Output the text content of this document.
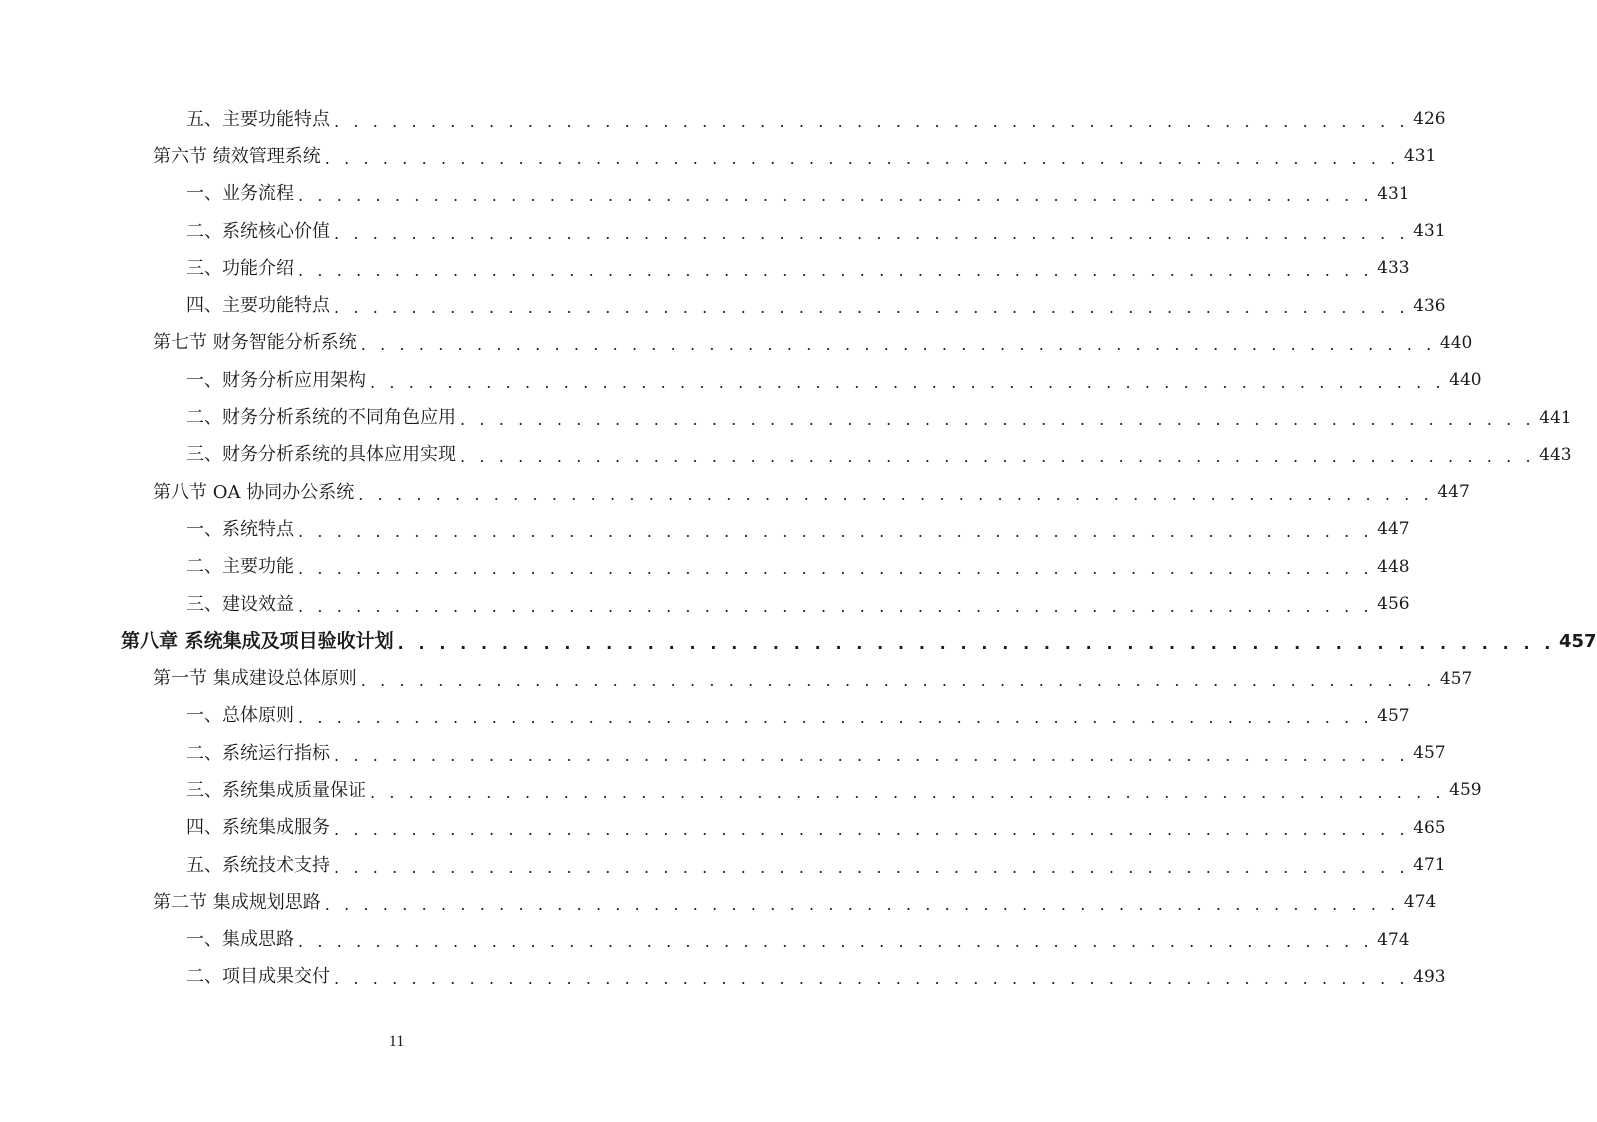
五、主要功能特点 . . . . . . . . . . . . . . . . . . . . . . . . . . . . . . . . . . . . . . . . . . . . . . . . . . . . . . . . 426
第六节 绩效管理系统 . . . . . . . . . . . . . . . . . . . . . . . . . . . . . . . . . . . . . . . . . . . . . . . . . . . . . . . . 431
一、业务流程 . . . . . . . . . . . . . . . . . . . . . . . . . . . . . . . . . . . . . . . . . . . . . . . . . . . . . . . . 431
二、系统核心价值 . . . . . . . . . . . . . . . . . . . . . . . . . . . . . . . . . . . . . . . . . . . . . . . . . . . . . . . . 431
三、功能介绍 . . . . . . . . . . . . . . . . . . . . . . . . . . . . . . . . . . . . . . . . . . . . . . . . . . . . . . . . 433
四、主要功能特点 . . . . . . . . . . . . . . . . . . . . . . . . . . . . . . . . . . . . . . . . . . . . . . . . . . . . . . . . 436
第七节 财务智能分析系统 . . . . . . . . . . . . . . . . . . . . . . . . . . . . . . . . . . . . . . . . . . . . . . . . . . . . . . . . 440
一、财务分析应用架构 . . . . . . . . . . . . . . . . . . . . . . . . . . . . . . . . . . . . . . . . . . . . . . . . . . . . . . . . 440
二、财务分析系统的不同角色应用 . . . . . . . . . . . . . . . . . . . . . . . . . . . . . . . . . . . . . . . . . . . . . . . . . . . . . . . . 441
三、财务分析系统的具体应用实现 . . . . . . . . . . . . . . . . . . . . . . . . . . . . . . . . . . . . . . . . . . . . . . . . . . . . . . . . 443
第八节 OA 协同办公系统 . . . . . . . . . . . . . . . . . . . . . . . . . . . . . . . . . . . . . . . . . . . . . . . . . . . . . . . . 447
一、系统特点 . . . . . . . . . . . . . . . . . . . . . . . . . . . . . . . . . . . . . . . . . . . . . . . . . . . . . . . . 447
二、主要功能 . . . . . . . . . . . . . . . . . . . . . . . . . . . . . . . . . . . . . . . . . . . . . . . . . . . . . . . . 448
三、建设效益 . . . . . . . . . . . . . . . . . . . . . . . . . . . . . . . . . . . . . . . . . . . . . . . . . . . . . . . . 456
第八章 系统集成及项目验收计划 . . . . . . . . . . . . . . . . . . . . . . . . . . . . . . . . . . . . . . . . . . . . . . . . . . . . . . . . 457
第一节 集成建设总体原则 . . . . . . . . . . . . . . . . . . . . . . . . . . . . . . . . . . . . . . . . . . . . . . . . . . . . . . . . 457
一、总体原则 . . . . . . . . . . . . . . . . . . . . . . . . . . . . . . . . . . . . . . . . . . . . . . . . . . . . . . . . 457
二、系统运行指标 . . . . . . . . . . . . . . . . . . . . . . . . . . . . . . . . . . . . . . . . . . . . . . . . . . . . . . . . 457
三、系统集成质量保证 . . . . . . . . . . . . . . . . . . . . . . . . . . . . . . . . . . . . . . . . . . . . . . . . . . . . . . . . 459
四、系统集成服务 . . . . . . . . . . . . . . . . . . . . . . . . . . . . . . . . . . . . . . . . . . . . . . . . . . . . . . . . 465
五、系统技术支持 . . . . . . . . . . . . . . . . . . . . . . . . . . . . . . . . . . . . . . . . . . . . . . . . . . . . . . . . 471
第二节 集成规划思路 . . . . . . . . . . . . . . . . . . . . . . . . . . . . . . . . . . . . . . . . . . . . . . . . . . . . . . . . 474
一、集成思路 . . . . . . . . . . . . . . . . . . . . . . . . . . . . . . . . . . . . . . . . . . . . . . . . . . . . . . . . 474
二、项目成果交付 . . . . . . . . . . . . . . . . . . . . . . . . . . . . . . . . . . . . . . . . . . . . . . . . . . . . . . . . 493
11
